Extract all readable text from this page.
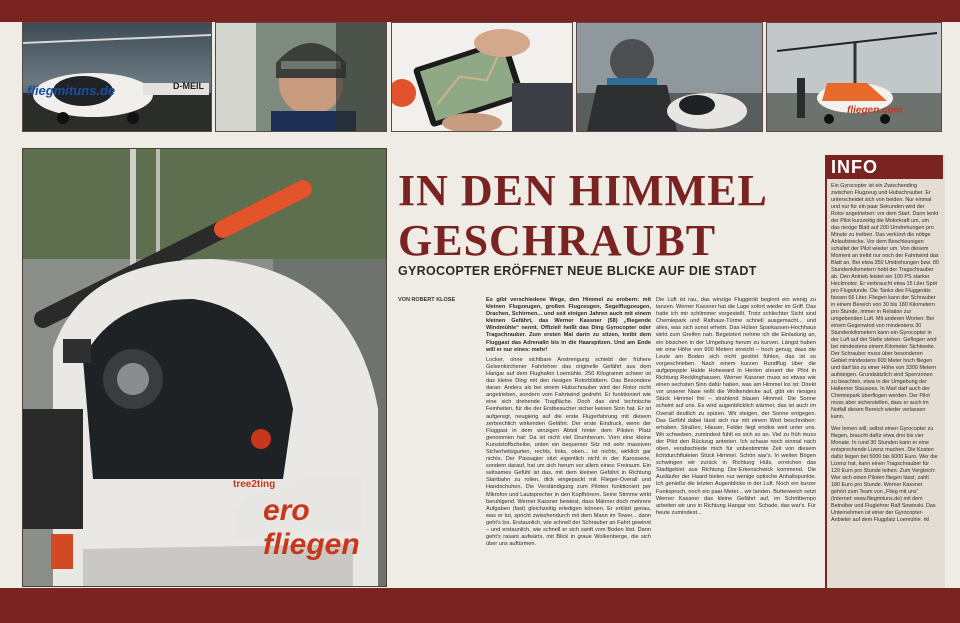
fliegmituns.de	D-MEIL
fliegen.com
tree2ting
ero fliegen
IN DEN HIMMEL
GESCHRAUBT
GYROCOPTER ERÖFFNET NEUE BLICKE AUF DIE STADT
VON ROBERT KLOSE	Es gibt verschiedene Wege, den Himmel zu erobern: mit kleinen Flugzeugen, großen Flugzeugen, Segelflugzeugen, Drachen, Schirmen... und seit einigen Jahren auch mit einem kleinen Gefährt, das Werner Kassner (58) „fliegende Windmühle“ nennt. Offiziell heißt das Ding Gyrocopter oder Tragschrauber. Zum ersten Mal darin zu sitzen, treibt dem Fluggast das Adrenalin bis in die Haarspitzen. Und am Ende will er nur eines: mehr!

Locker, ohne sichtbare Anstrengung schiebt der frühere Gelsenkirchener Fahrlehrer das originelle Gefährt aus dem Hangar auf dem Flughafen Loemühle. 250 Kilogramm schwer ist das kleine Ding mit den riesigen Rotorblättern. Das Besondere daran: Anders als bei einem Hubschrauber wird der Rotor nicht angetrieben, sondern vom Fahrtwind gedreht. Er funktioniert wie eine sich drehende Tragfläche. Doch das sind technische Feinheiten, für die der Erstbesucher sicher keinen Sinn hat. Er ist aufgeregt, neugierig auf die erste Flugerfahrung mit diesem zerbrechlich wirkenden Gefährt. Der erste Eindruck, wenn der Fluggast in dem winzigen Abteil hinter dem Piloten Platz genommen hat: Da ist nicht viel Drumherum. Vorn eine kleine Kunststoffscheibe, unten ein bequemer Sitz mit sehr massiven Sicherheitsgurten, rechts, links, oben... ist nichts, wirklich gar nichts. Der Passagier sitzt eigentlich nicht in der Karosserie, sondern darauf, hat um sich herum vor allem eines: Freiraum. Ein seltsames Gefühl ist das, mit dem kleinen Gefährt in Richtung Startbahn zu rollen, dick eingepackt mit Flieger-Overall und Handschuhen. Die Verständigung zum Piloten funktioniert per Mikrofon und Lautsprecher in den Kopfhörern. Seine Stimme wirkt beruhigend. Werner Kassner bewiest, dass Männer doch mehrere Aufgaben (fast) gleichzeitig erledigen können. Er erklärt genau, was er tut, spricht zwischendurch mit dem Mann im Tower... dann geht's los. Erstaunlich, wie schnell der Schrauber an Fahrt gewinnt – und erstaunlich, wie schnell er sich sanft vom Boden löst. Dann geht's rasant aufwärts, mit Blick in graue Wolkenberge, die sich über uns auftürmen.

Die Luft ist rau, das winzige Fluggerät beginnt ein wenig zu tanzen. Werner Kassner hat die Lage sofort wieder im Griff. Das hatte ich mir schlimmer vorgestellt. Trotz schlechter Sicht sind Chemiepark und Rathaus-Türme schnell ausgemacht... und alles, was sich sonst erhebt. Das Hülser Sparkassen-Hochhaus wirkt zum Greifen nah. Begeistert nehme ich die Einladung an, ein bisschen in der Umgebung herum zu kurven. Längst haben wir eine Höhe von 600 Metern erreicht – hoch genug, dass die Leute am Boden sich nicht gestört fühlen, das ist so vorgeschrieben. Nach einem kurzen Rundflug über die aufgepeppte Halde Hoheward in Herten steuert der Pilot in Richtung Recklinghausen. Werner Kassner muss so etwas wie einen sechsten Sinn dafür haben, was am Himmel los ist: Direkt vor unserer Nase reißt die Wolkendecke auf, gibt ein riesiges Stück Himmel frei – strahlend blauen Himmel. Die Sonne scheint auf uns. Es wird augenblicklich wärmer, das ist auch im Overall deutlich zu spüren. Wir steigen, der Sonne entgegen. Das Gefühl dabei lässt sich nur mit einem Wort beschreiben: erhaben. Straßen, Häuser, Felder liegt endlos weit unter uns. Wir schweben, zumindest fühlt es sich so an. Viel zu früh muss der Pilot den Rückzug antreten. Ich schaue noch einmal nach oben, verabschiede mich für unbestimmte Zeit von diesem lichtdurchfluteten Stück Himmel. Schön war's. In weiten Bögen schwingen wir zurück in Richtung Hüls, erreichen das Stadtgebiet aus Richtung Dor-Erkenschwick kommend. Die Ausläufer der Haard bieten nur wenige optische Anhaltspunkte. Ich genieße die letzten Augenblicke in der Luft. Noch ein kurzer Funkspruch, noch ein paar Meter... wir landen. Butterweich setzt Werner Kassner das kleine Gefährt auf, im Schritttempo arbeiten wir uns in Richtung Hangar vor. Schade, das war's. Für heute zumindest...

INFO

Ein Gyrocopter ist ein Zwischending zwischen Flugzeug und Hubschrauber. Er unterscheidet sich von beiden. Nur einmal und nur für ein paar Sekunden wird der Rotor angetrieben: vor dem Start. Dann lenkt der Pilot kurzzeitig die Motorkraft um, um das riesige Blatt auf 200 Umdrehungen pro Minute zu treiben. Das verkürzt die nötige Anlaufstrecke. Vor dem Beschleunigen schaltet der Pilot wieder um. Von diesem Moment an treibt nur noch der Fahrtwind das Blatt an. Bei etwa 350 Umdrehungen bzw. 80 Stundenkilometern hebt der Tragschrauber ab. Den Antrieb leistet ein 100 PS starker Heckmotor. Er verbraucht etwa 15 Liter Sprit pro Flugstunde. Die Tanks des Fluggeräts fassen 66 Liter. Fliegen kann der Schrauber in einem Bereich von 30 bis 180 Kilometern pro Stunde, immer in Relation zur umgebenden Luft. Mit anderen Worten: Bei einem Gegenwind von mindestens 30 Stundenkilometern kann ein Gyrocopter in der Luft auf der Stelle stehen. Geflogen wird bei mindestens einem Kilometer Sichtweite. Der Schrauber muss über besonderen Gebiet mindestens 600 Meter hoch fliegen und darf bis zu einer Höhe von 3300 Metern aufsteigen. Grundsätzlich sind Sperrzonen zu beachten, etwa in der Umgebung der Halterner Stausees. In Marl darf auch der Chemiepark überflogen werden. Der Pilot muss aber sicherstellen, dass er auch im Notfall diesen Bereich wieder verlassen kann.

Wer lernen will, selbst einen Gyrocopter zu fliegen, braucht dafür etwa drei bis vier Monate. In rund 30 Stunden kann er eine entsprechende Lizenz machen. Die Kosten dafür liegen bei 5000 bis 6000 Euro. Wer die Lizenz hat, kann einen Tragschrauber für 120 Euro pro Stunde leihen. Zum Vergleich: Wer sich einen Piloten fliegen lässt, zahlt 180 Euro pro Stunde. Werner Kassner gehört zum Team von „Flieg mit uns“ (Internet: www.fliegmituns.de) mit dem Betreiber und Fluglehrer Ralf Sowinski. Das Unternehmen ist einer der Gyrocopter-Anbieter auf dem Flugplatz Loemühle. rkl
